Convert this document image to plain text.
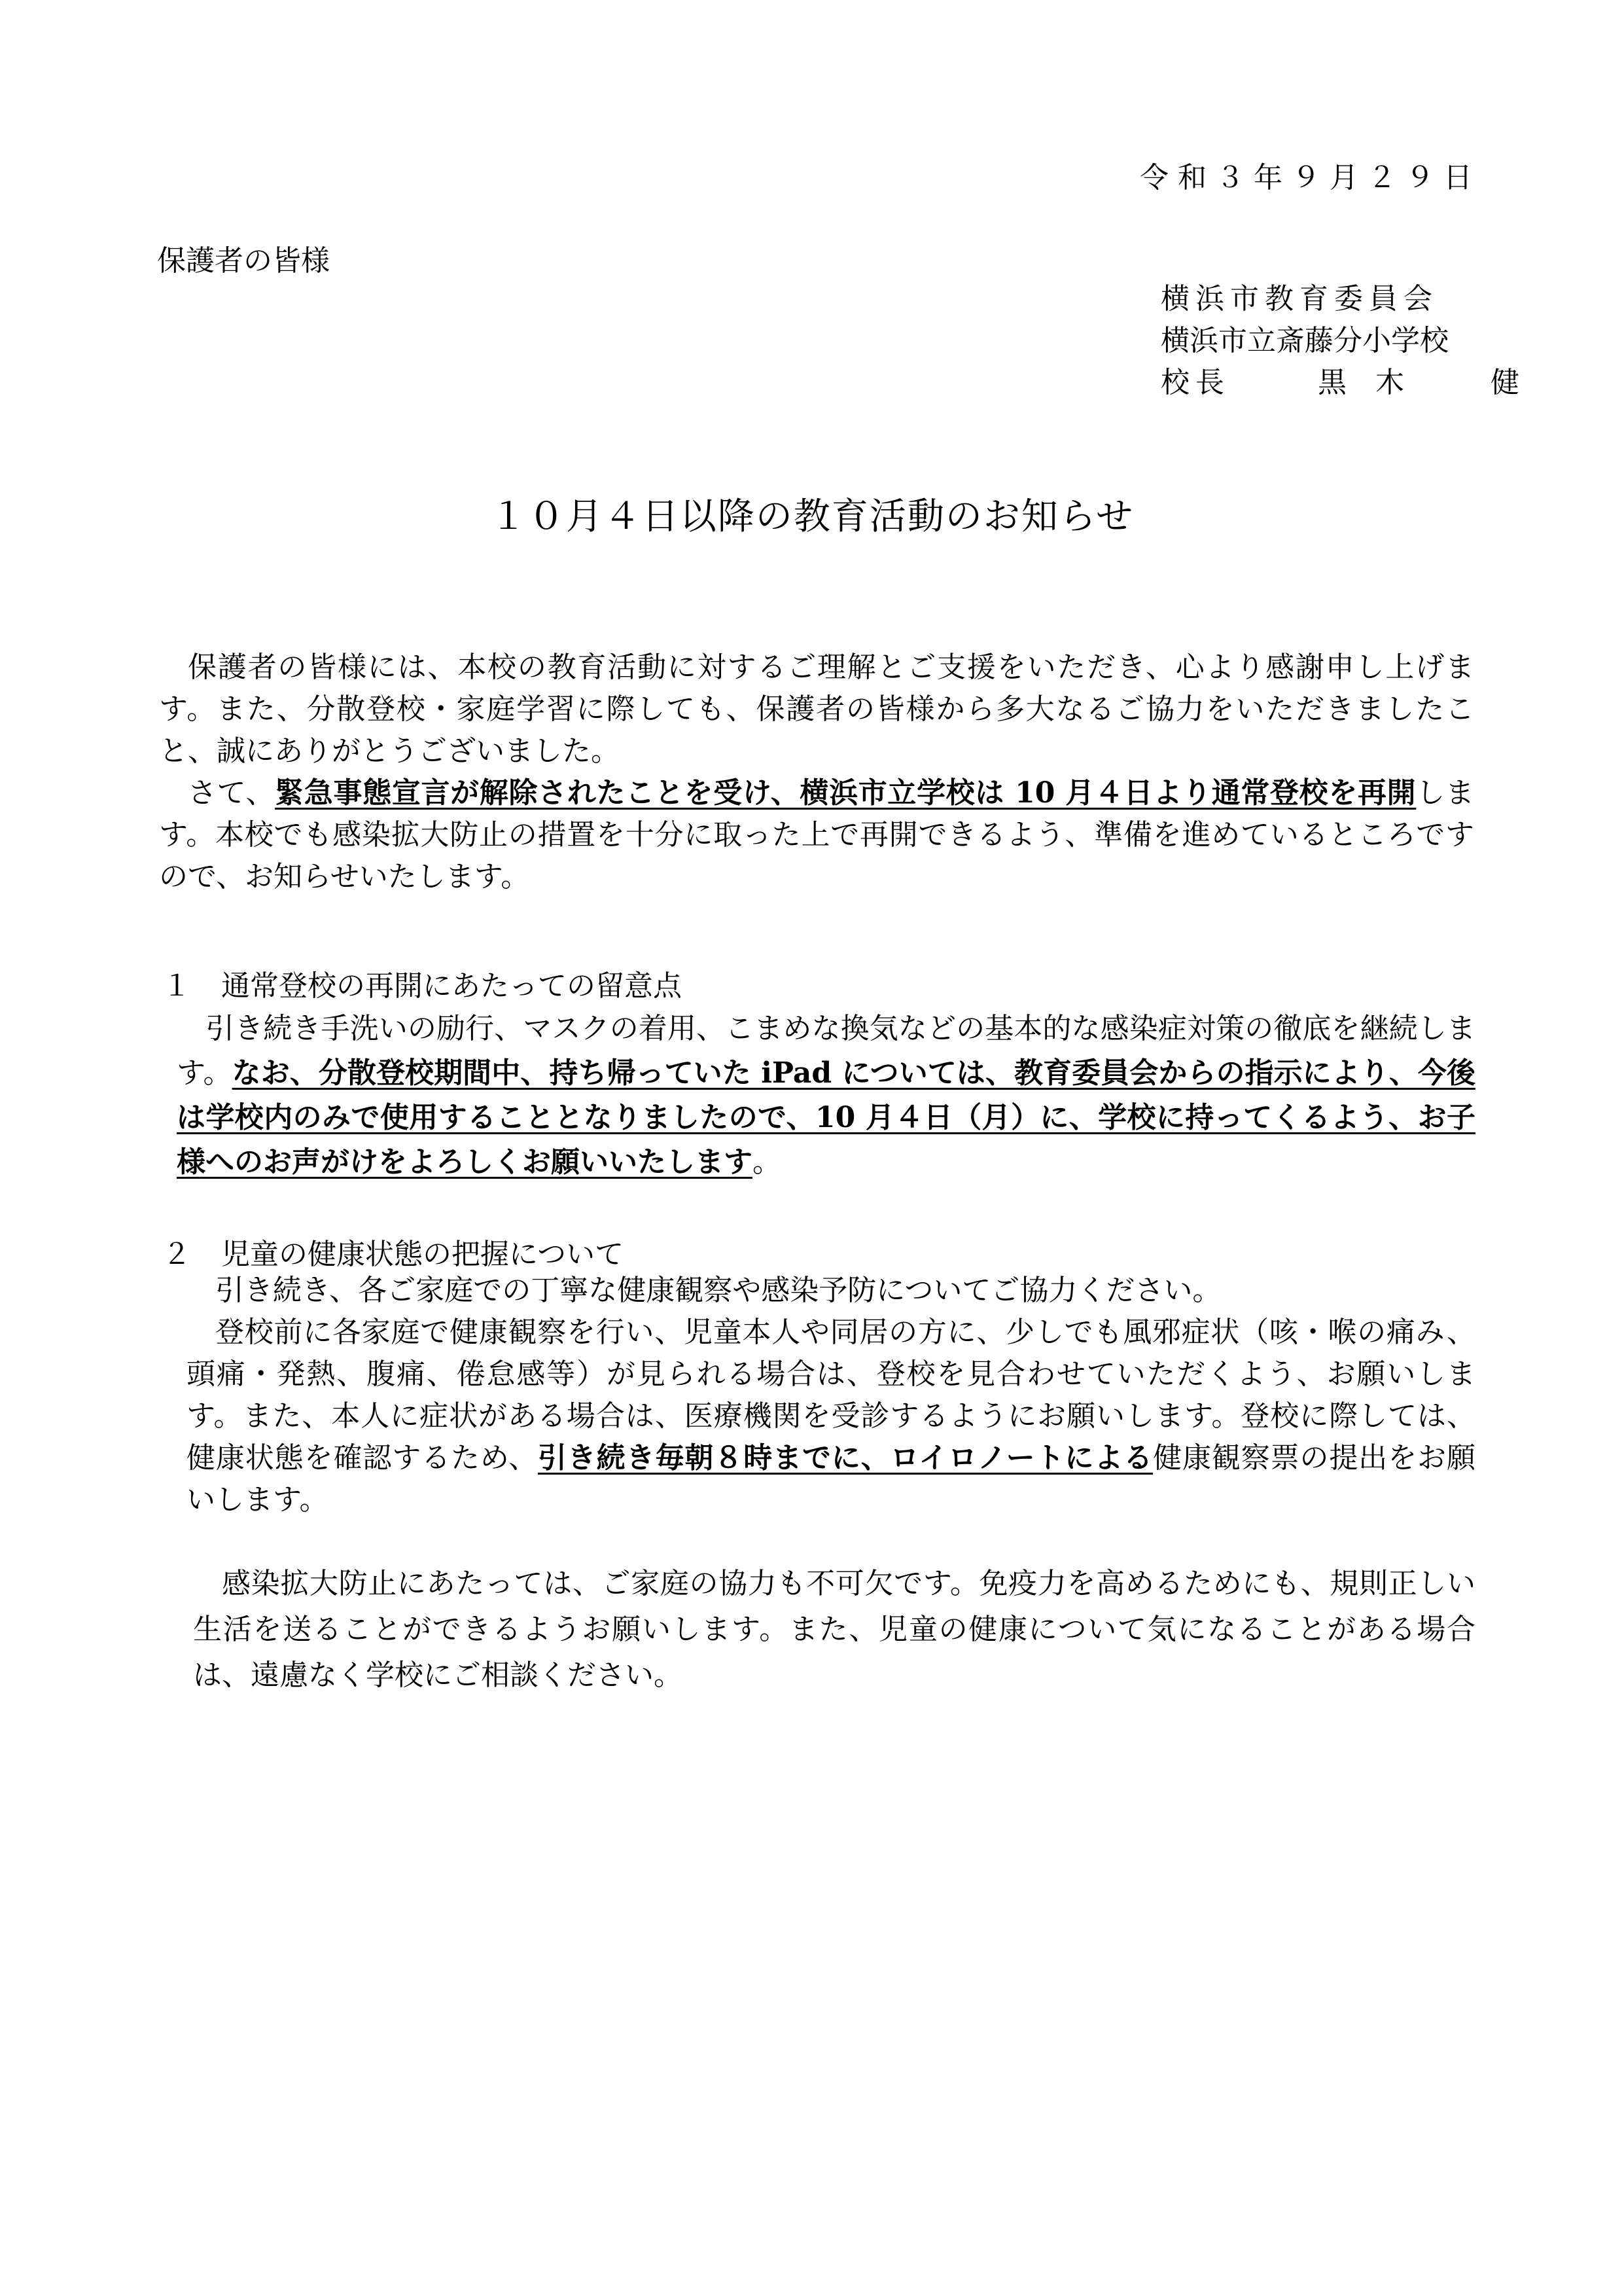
令和３年９月２９日
保護者の皆様
横浜市教育委員会
横浜市立斎藤分小学校
校長	黒木　健
１０月４日以降の教育活動のお知らせ

保護者の皆様には、本校の教育活動に対するご理解とご支援をいただき、心より感謝申し上げます。また、分散登校・家庭学習に際しても、保護者の皆様から多大なるご協力をいただきましたこと、誠にありがとうございました。

さて、緊急事態宣言が解除されたことを受け、横浜市立学校は 10 月４日より通常登校を再開します。本校でも感染拡大防止の措置を十分に取った上で再開できるよう、準備を進めているところですので、お知らせいたします。

１ 通常登校の再開にあたっての留意点
引き続き手洗いの励行、マスクの着用、こまめな換気などの基本的な感染症対策の徹底を継続します。なお、分散登校期間中、持ち帰っていた iPad については、教育委員会からの指示により、今後は学校内のみで使用することとなりましたので、10 月４日（月）に、学校に持ってくるよう、お子様へのお声がけをよろしくお願いいたします。
２ 児童の健康状態の把握について

引き続き、各ご家庭での丁寧な健康観察や感染予防についてご協力ください。

登校前に各家庭で健康観察を行い、児童本人や同居の方に、少しでも風邪症状（咳・喉の痛み、頭痛・発熱、腹痛、倦怠感等）が見られる場合は、登校を見合わせていただくよう、お願いします。また、本人に症状がある場合は、医療機関を受診するようにお願いします。登校に際しては、健康状態を確認するため、引き続き毎朝８時までに、ロイロノートによる健康観察票の提出をお願いします。

感染拡大防止にあたっては、ご家庭の協力も不可欠です。免疫力を高めるためにも、規則正しい生活を送ることができるようお願いします。また、児童の健康について気になることがある場合は、遠慮なく学校にご相談ください。
